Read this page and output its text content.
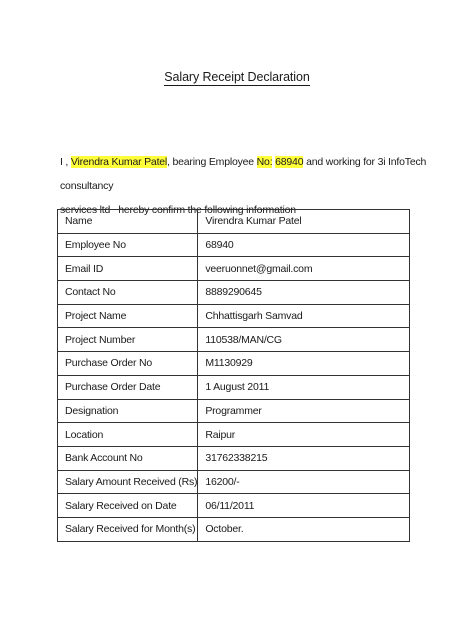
Salary Receipt Declaration
I , Virendra Kumar Patel, bearing Employee No: 68940 and working for 3i InfoTech consultancy
services ltd   hereby confirm the following information
Name	Virendra Kumar Patel
Employee No	68940
Email ID	veeruonnet@gmail.com
Contact No	8889290645
Project Name	Chhattisgarh Samvad
Project Number	110538/MAN/CG
Purchase Order No	M1130929
Purchase Order Date	1 August 2011
Designation	Programmer
Location	Raipur
Bank Account No	31762338215
Salary Amount Received (Rs)	16200/-
Salary Received on Date	06/11/2011
Salary Received for Month(s)	October.
